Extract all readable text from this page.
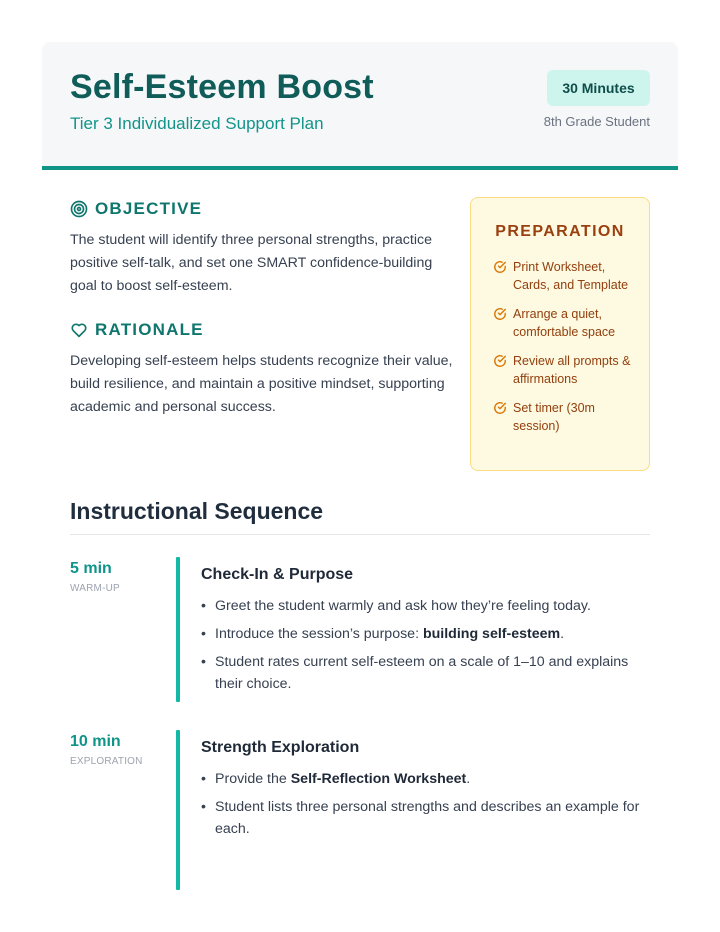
Self-Esteem Boost
Tier 3 Individualized Support Plan
30 Minutes
8th Grade Student
OBJECTIVE
The student will identify three personal strengths, practice positive self-talk, and set one SMART confidence-building goal to boost self-esteem.
RATIONALE
Developing self-esteem helps students recognize their value, build resilience, and maintain a positive mindset, supporting academic and personal success.
PREPARATION
Print Worksheet, Cards, and Template
Arrange a quiet, comfortable space
Review all prompts & affirmations
Set timer (30m session)
Instructional Sequence
5 min
WARM-UP
Check-In & Purpose
• Greet the student warmly and ask how they’re feeling today.
• Introduce the session’s purpose: building self-esteem.
• Student rates current self-esteem on a scale of 1–10 and explains their choice.
10 min
EXPLORATION
Strength Exploration
• Provide the Self-Reflection Worksheet.
• Student lists three personal strengths and describes an example for each.
